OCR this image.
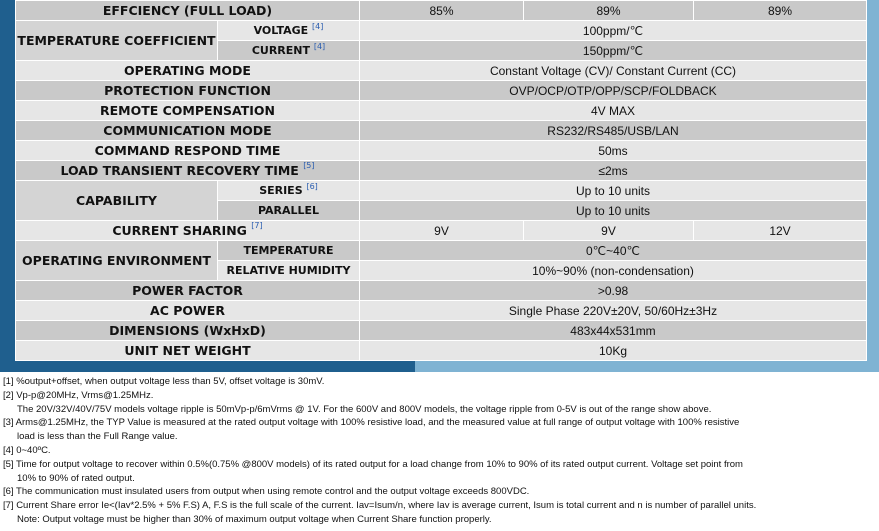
EFFCIENCY (FULL LOAD)		85%	89%	89%
TEMPERATURE COEFFICIENT	VOLTAGE [4]	100ppm/℃		
	CURRENT [4]	150ppm/℃		
OPERATING MODE		Constant Voltage (CV)/ Constant Current (CC)		
PROTECTION FUNCTION		OVP/OCP/OTP/OPP/SCP/FOLDBACK		
REMOTE COMPENSATION		4V MAX		
COMMUNICATION MODE		RS232/RS485/USB/LAN		
COMMAND RESPOND TIME		50ms		
LOAD TRANSIENT RECOVERY TIME [5]		≤2ms		
CAPABILITY	SERIES [6]	Up to 10 units		
	PARALLEL	Up to 10 units		
CURRENT SHARING [7]		9V	9V	12V
OPERATING ENVIRONMENT	TEMPERATURE	0℃~40℃		
	RELATIVE HUMIDITY	10%~90% (non-condensation)		
POWER FACTOR		>0.98		
AC POWER		Single Phase 220V±20V, 50/60Hz±3Hz		
DIMENSIONS (WxHxD)		483x44x531mm		
UNIT NET WEIGHT		10Kg		
[1] %output+offset, when output voltage less than 5V, offset voltage is 30mV.
[2] Vp-p@20MHz, Vrms@1.25MHz.
The 20V/32V/40V/75V models voltage ripple is 50mVp-p/6mVrms @ 1V. For the 600V and 800V models, the voltage ripple from 0-5V is out of the range show above.
[3] Arms@1.25MHz, the TYP Value is measured at the rated output voltage with 100% resistive load, and the measured value at full range of output voltage with 100% resistive
load is less than the Full Range value.
[4] 0~40ºC.
[5] Time for output voltage to recover within 0.5%(0.75% @800V models) of its rated output for a load change from 10% to 90% of its rated output current. Voltage set point from
10% to 90% of rated output.
[6] The communication must insulated users from output when using remote control and the output voltage exceeds 800VDC.
[7] Current Share error Ie<(Iav*2.5% + 5% F.S) A, F.S is the full scale of the current. Iav=Isum/n, where Iav is average current, Isum is total current and n is number of parallel units.
Note: Output voltage must be higher than 30% of maximum output voltage when Current Share function properly.
